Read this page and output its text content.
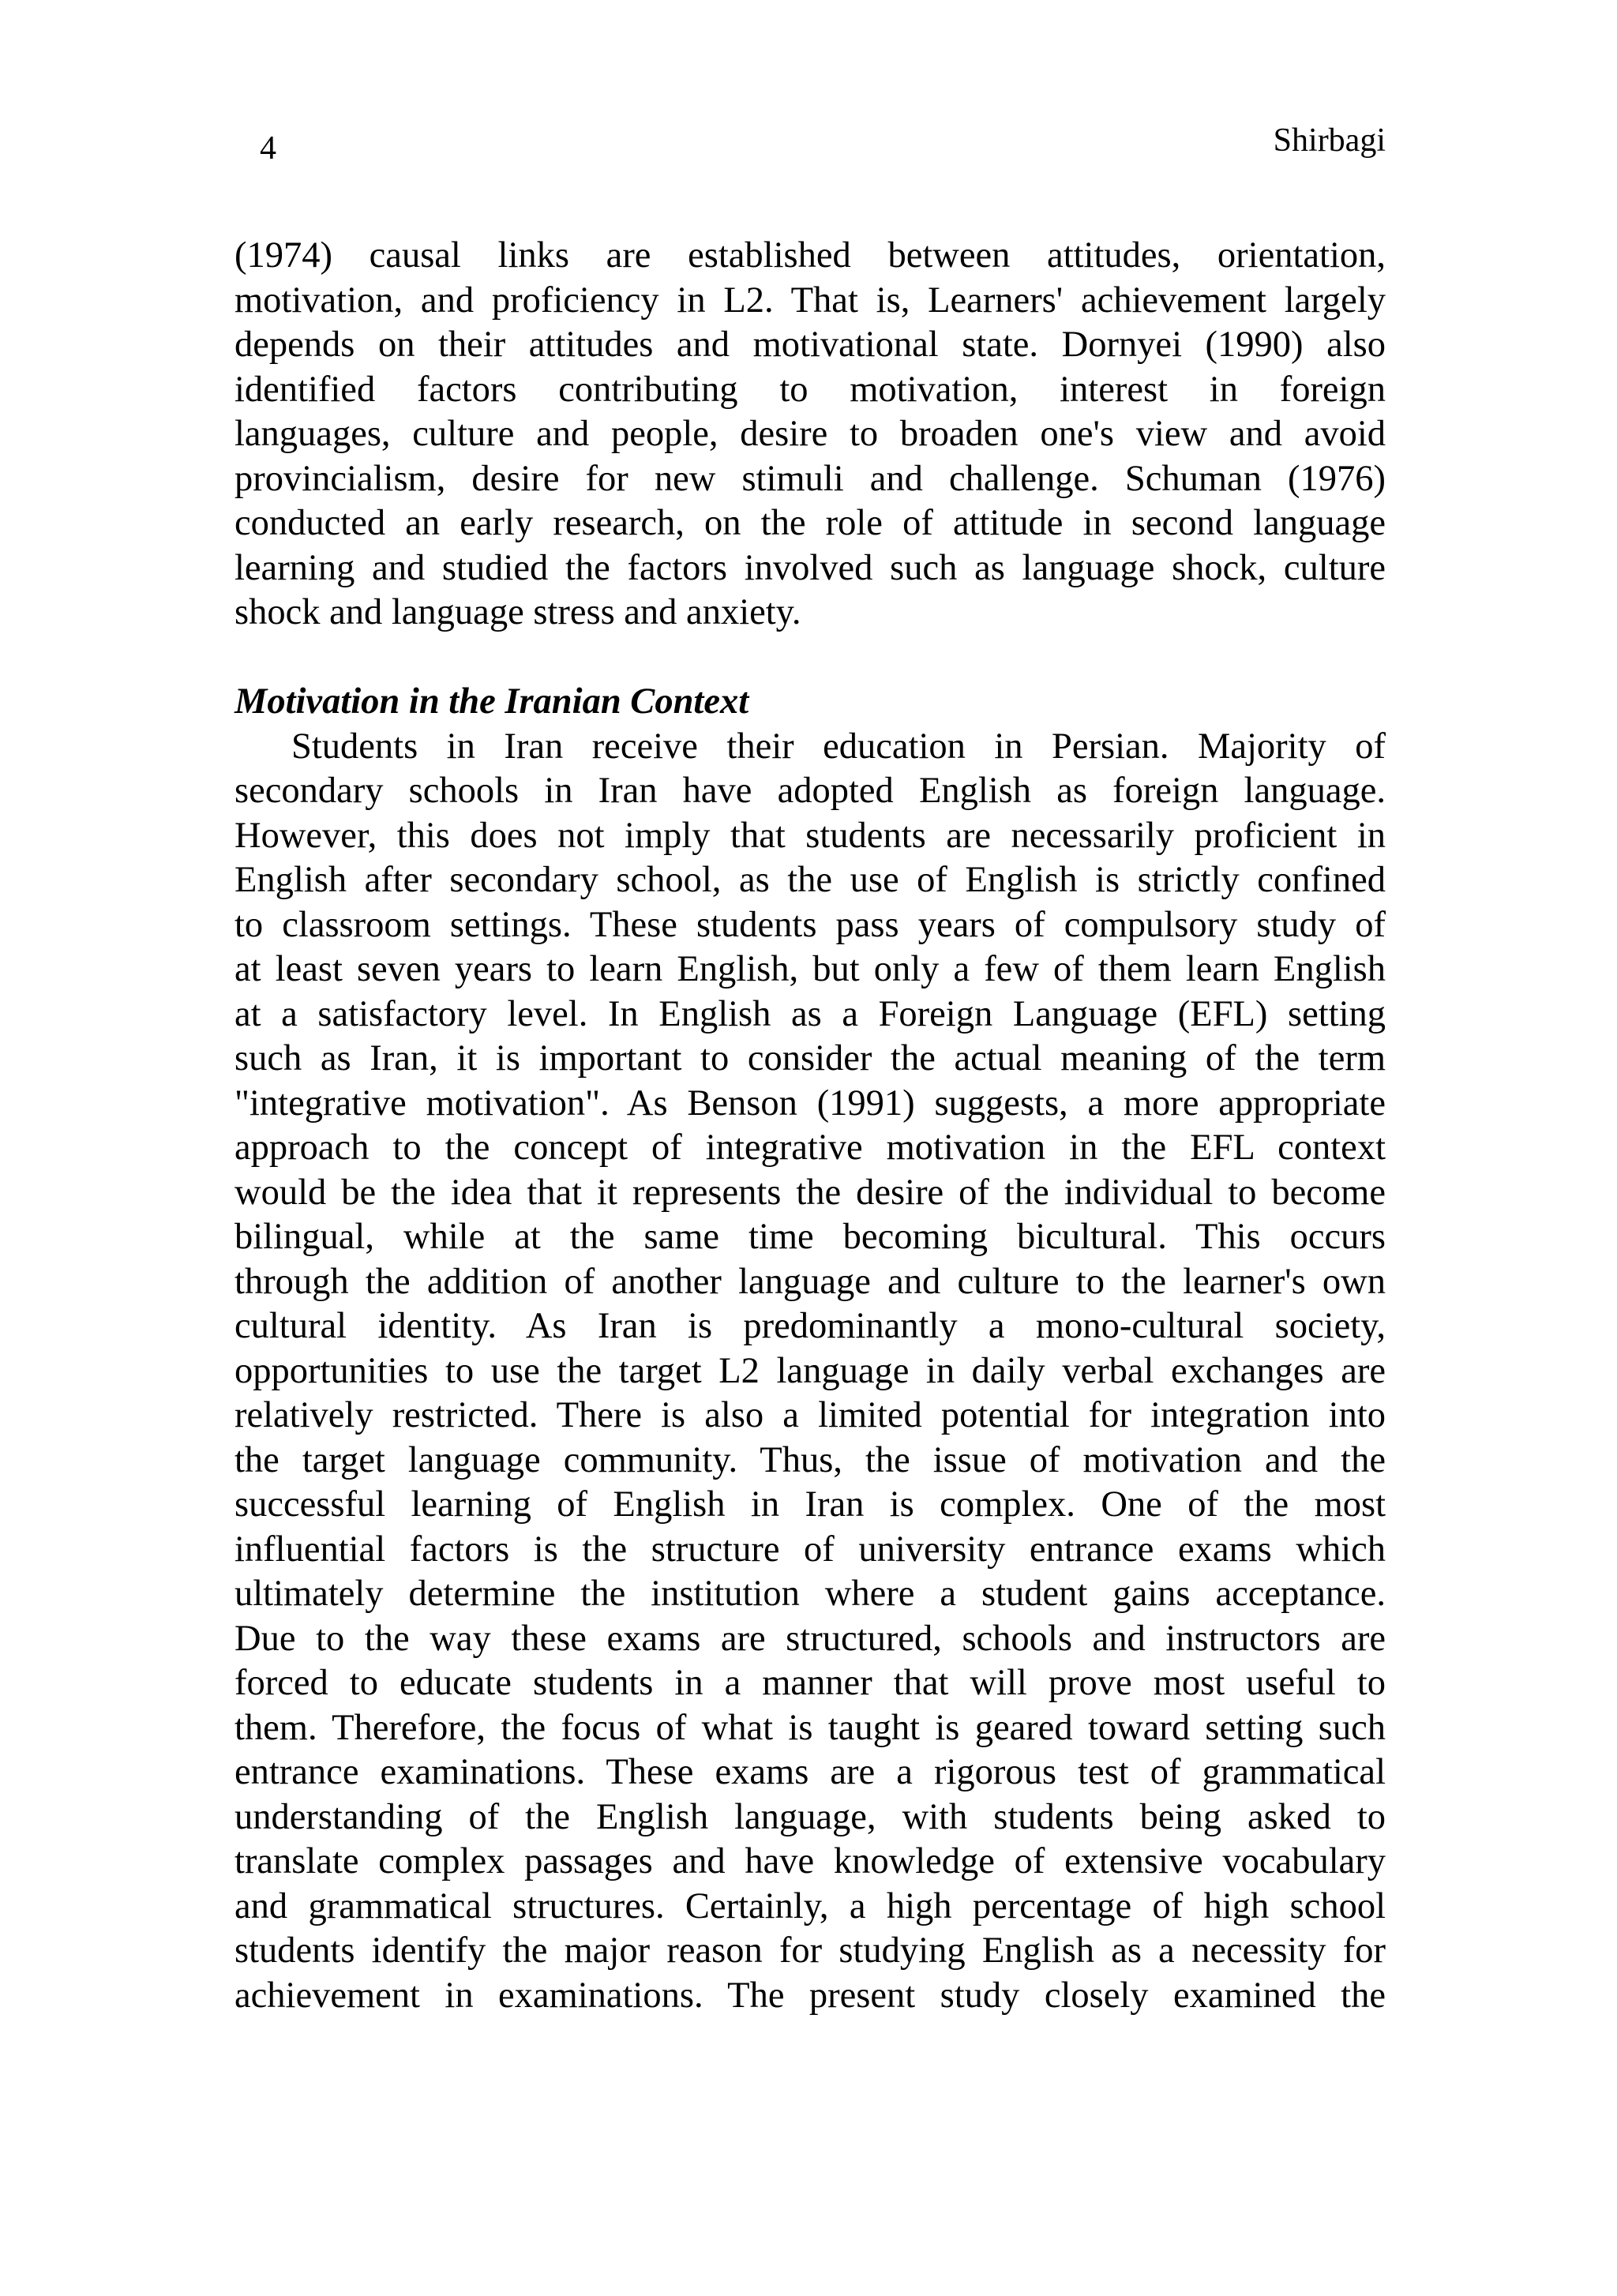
4	Shirbagi
(1974) causal links are established between attitudes, orientation,
motivation, and proficiency in L2. That is, Learners' achievement largely
depends on their attitudes and motivational state. Dornyei (1990) also
identified factors contributing to motivation, interest in foreign
languages, culture and people, desire to broaden one's view and avoid
provincialism, desire for new stimuli and challenge. Schuman (1976)
conducted an early research, on the role of attitude in second language
learning and studied the factors involved such as language shock, culture
shock and language stress and anxiety.
Motivation in the Iranian Context
Students in Iran receive their education in Persian. Majority of
secondary schools in Iran have adopted English as foreign language.
However, this does not imply that students are necessarily proficient in
English after secondary school, as the use of English is strictly confined
to classroom settings. These students pass years of compulsory study of
at least seven years to learn English, but only a few of them learn English
at a satisfactory level. In English as a Foreign Language (EFL) setting
such as Iran, it is important to consider the actual meaning of the term
"integrative motivation". As Benson (1991) suggests, a more appropriate
approach to the concept of integrative motivation in the EFL context
would be the idea that it represents the desire of the individual to become
bilingual, while at the same time becoming bicultural. This occurs
through the addition of another language and culture to the learner's own
cultural identity. As Iran is predominantly a mono-cultural society,
opportunities to use the target L2 language in daily verbal exchanges are
relatively restricted. There is also a limited potential for integration into
the target language community. Thus, the issue of motivation and the
successful learning of English in Iran is complex. One of the most
influential factors is the structure of university entrance exams which
ultimately determine the institution where a student gains acceptance.
Due to the way these exams are structured, schools and instructors are
forced to educate students in a manner that will prove most useful to
them. Therefore, the focus of what is taught is geared toward setting such
entrance examinations. These exams are a rigorous test of grammatical
understanding of the English language, with students being asked to
translate complex passages and have knowledge of extensive vocabulary
and grammatical structures. Certainly, a high percentage of high school
students identify the major reason for studying English as a necessity for
achievement in examinations. The present study closely examined the
